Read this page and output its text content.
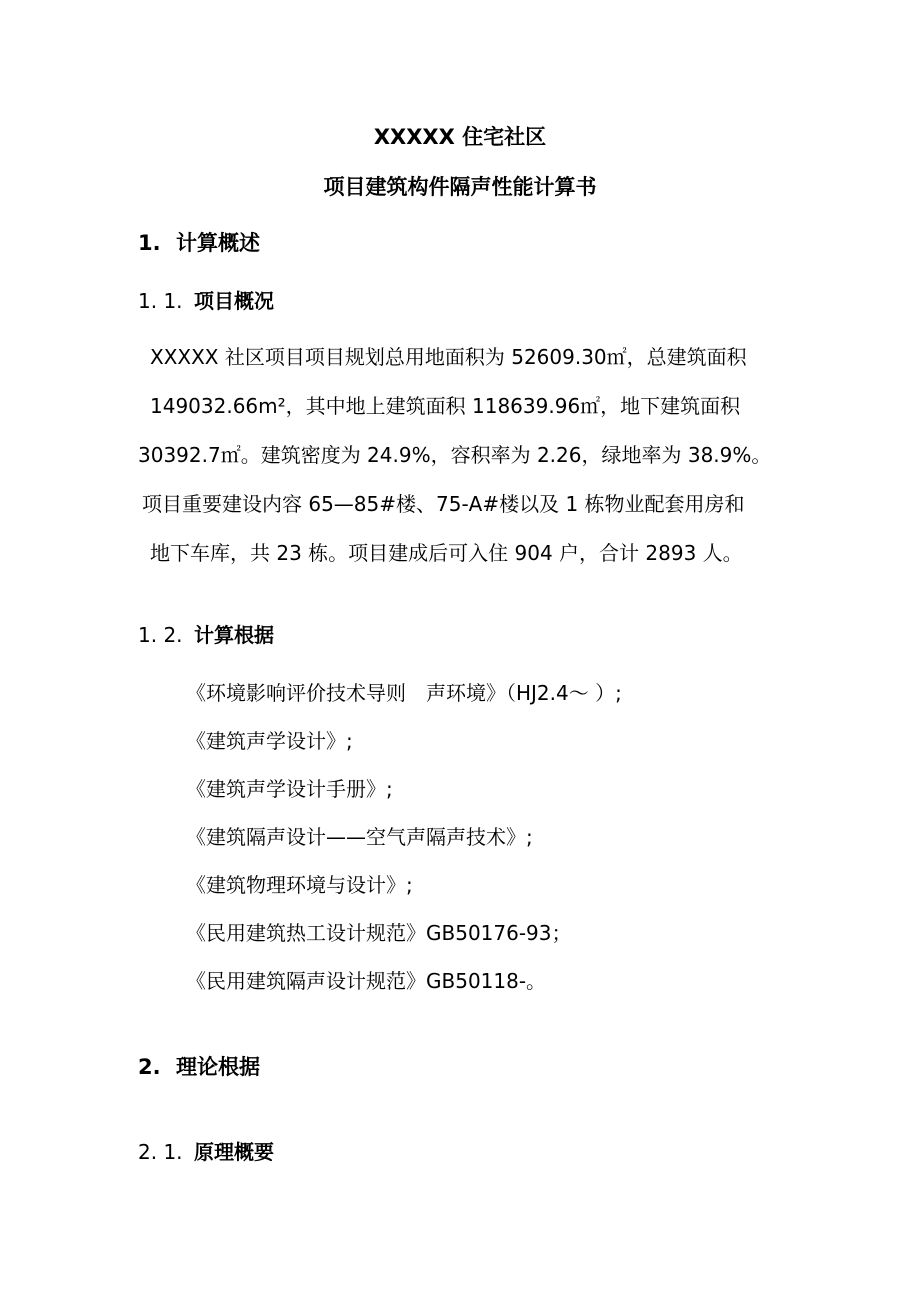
XXXXX 住宅社区
项目建筑构件隔声性能计算书
1. 计算概述
1. 1. 项目概况
XXXXX 社区项目项目规划总用地面积为 52609.30㎡，总建筑面积
149032.66m²，其中地上建筑面积 118639.96㎡，地下建筑面积
30392.7㎡。建筑密度为 24.9%，容积率为 2.26，绿地率为 38.9%。
项目重要建设内容 65—85#楼、75-A#楼以及 1 栋物业配套用房和
地下车库，共 23 栋。项目建成后可入住 904 户，合计 2893 人。
1. 2. 计算根据
《环境影响评价技术导则　声环境》（HJ2.4～ ）;
《建筑声学设计》;
《建筑声学设计手册》;
《建筑隔声设计——空气声隔声技术》;
《建筑物理环境与设计》;
《民用建筑热工设计规范》GB50176-93；
《民用建筑隔声设计规范》GB50118-。
2. 理论根据
2. 1. 原理概要
